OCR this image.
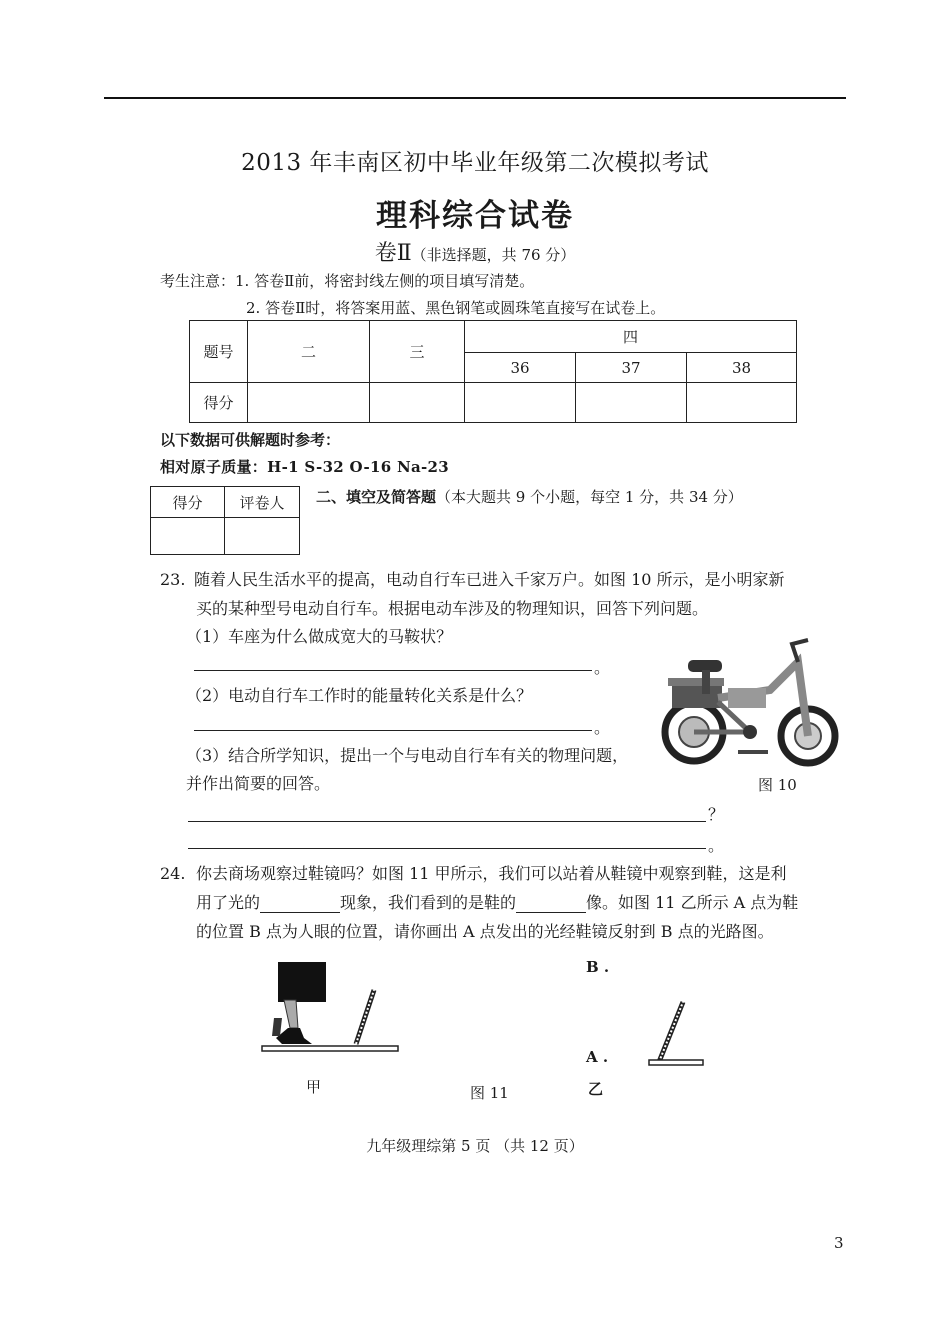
2013 年丰南区初中毕业年级第二次模拟考试
理科综合试卷
卷Ⅱ（非选择题，共 76 分）
考生注意：1. 答卷Ⅱ前，将密封线左侧的项目填写清楚。
2. 答卷Ⅱ时，将答案用蓝、黑色钢笔或圆珠笔直接写在试卷上。
题号	二	三	四		
			36	37	38
得分					
以下数据可供解题时参考：
相对原子质量：H-1 S-32 O-16 Na-23
得分	评卷人
	二、填空及简答题（本大题共 9 个小题，每空 1 分，共 34 分）
23. 随着人民生活水平的提高，电动自行车已进入千家万户。如图 10 所示，是小明家新
买的某种型号电动自行车。根据电动车涉及的物理知识，回答下列问题。
（1）车座为什么做成宽大的马鞍状？
。
（2）电动自行车工作时的能量转化关系是什么？
。
（3）结合所学知识，提出一个与电动自行车有关的物理问题，
并作出简要的回答。
？
。
图 10
24. 你去商场观察过鞋镜吗？如图 11 甲所示，我们可以站着从鞋镜中观察到鞋，这是利
用了光的	现象，我们看到的是鞋的	像。如图 11 乙所示 A 点为鞋
的位置 B 点为人眼的位置，请你画出 A 点发出的光经鞋镜反射到 B 点的光路图。
甲	图 11
B .
A .
乙
九年级理综第 5 页 （共 12 页）
3
